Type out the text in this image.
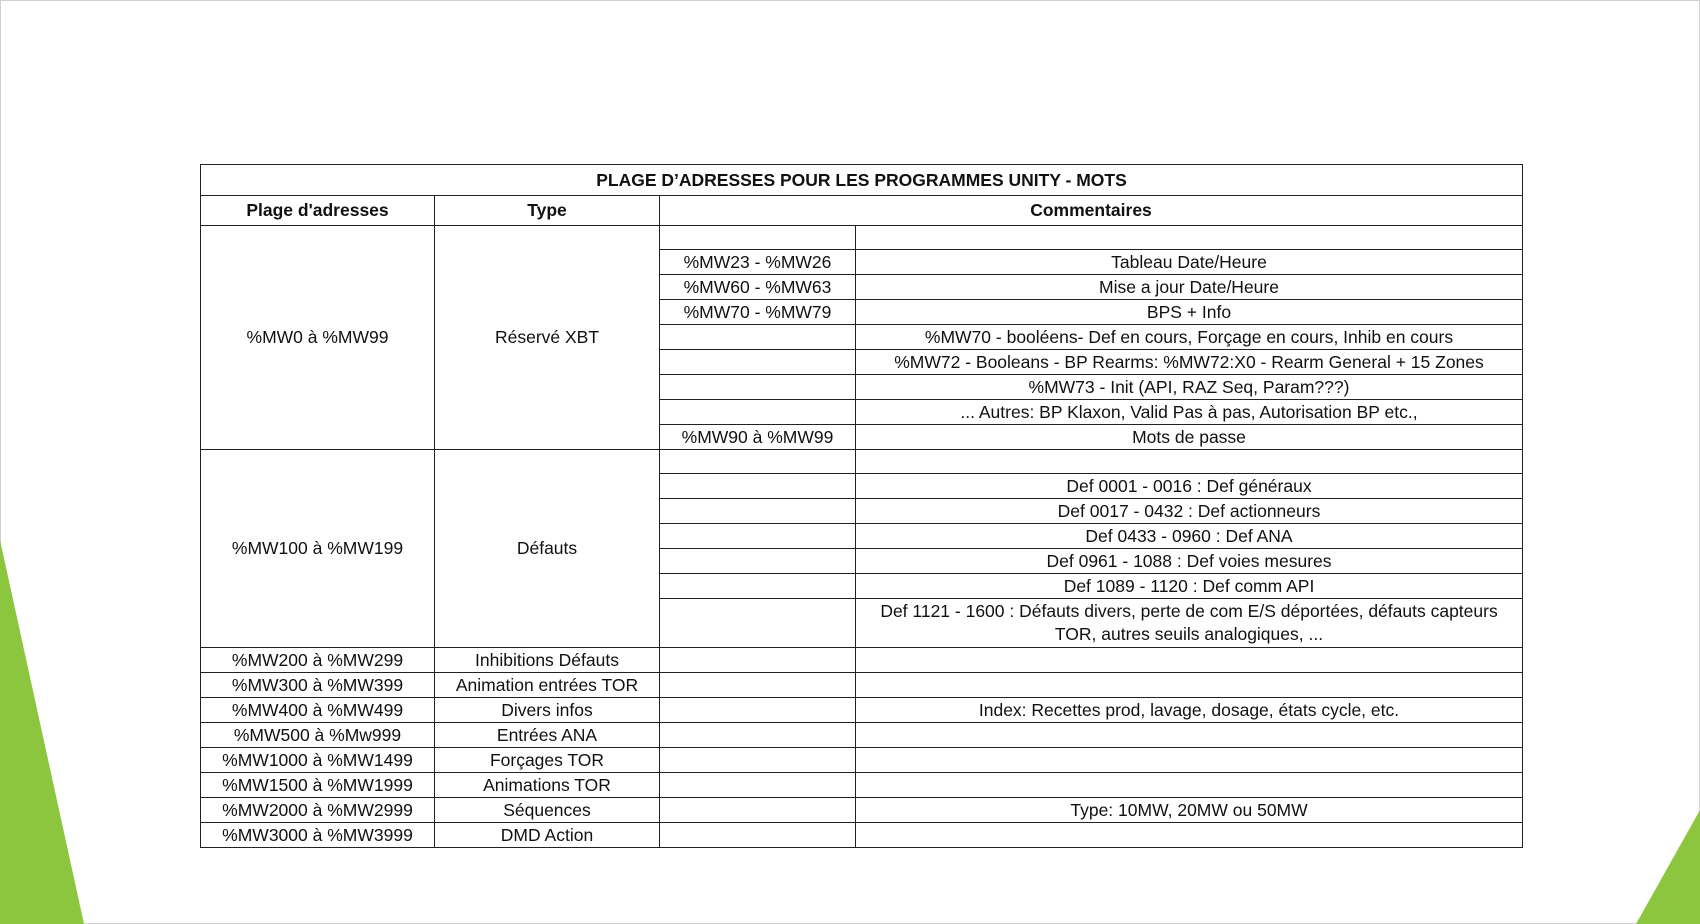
PLAGE D’ADRESSES POUR LES PROGRAMMES UNITY - MOTS			
Plage d'adresses	Type	Commentaires	
%MW0 à %MW99	Réservé XBT		
		%MW23 - %MW26	Tableau Date/Heure
		%MW60 - %MW63	Mise a jour Date/Heure
		%MW70 - %MW79	BPS + Info
			%MW70 - booléens- Def en cours, Forçage en cours, Inhib en cours
			%MW72 - Booleans - BP Rearms: %MW72:X0 - Rearm General + 15 Zones
			%MW73 - Init (API, RAZ Seq, Param???)
			... Autres: BP Klaxon, Valid Pas à pas, Autorisation BP etc.,
		%MW90 à %MW99	Mots de passe
%MW100 à %MW199	Défauts		
			Def 0001 - 0016 : Def généraux
			Def 0017 - 0432 : Def actionneurs
			Def 0433 - 0960 : Def ANA
			Def 0961 - 1088 : Def voies mesures
			Def 1089 - 1120 : Def comm API
			Def 1121 - 1600 : Défauts divers, perte de com E/S déportées, défauts capteurs TOR, autres seuils analogiques, ...
%MW200 à %MW299	Inhibitions Défauts		
%MW300 à %MW399	Animation entrées TOR		
%MW400 à %MW499	Divers infos		Index: Recettes prod, lavage, dosage, états cycle, etc.
%MW500 à %Mw999	Entrées ANA		
%MW1000 à %MW1499	Forçages TOR		
%MW1500 à %MW1999	Animations TOR		
%MW2000 à %MW2999	Séquences		Type: 10MW, 20MW ou 50MW
%MW3000 à %MW3999	DMD Action		
